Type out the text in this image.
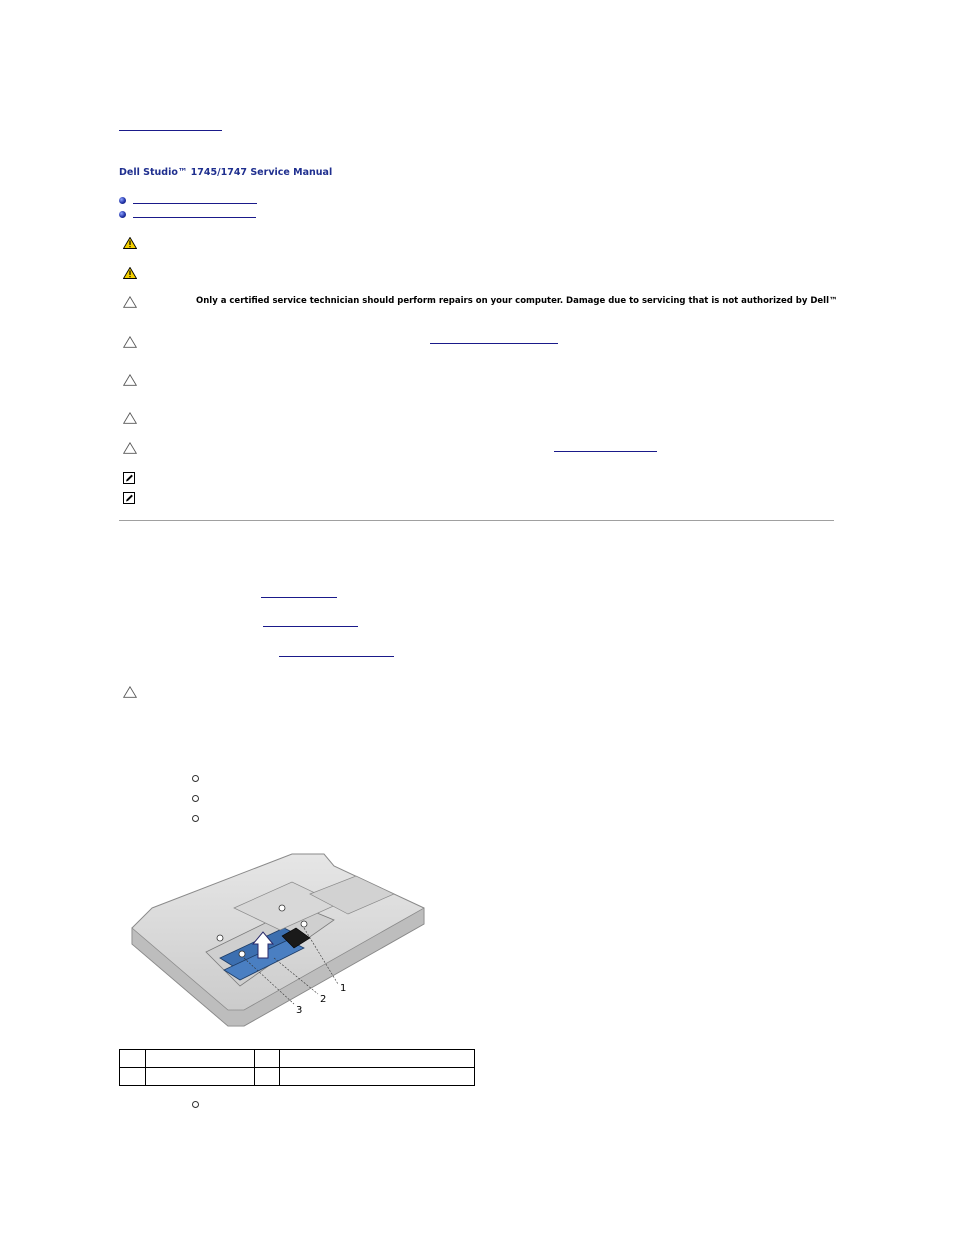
Dell Studio™ 1745/1747 Service Manual
Only a certified service technician should perform repairs on your computer. Damage due to servicing that is not authorized by Dell™
1
2
3
